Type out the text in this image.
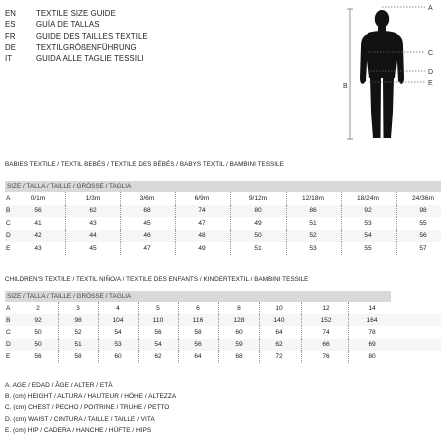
EN	TEXTILE SIZE GUIDE
ES	GUÍA DE TALLAS
FR	GUIDE DES TAILLES TEXTILE
DE	TEXTILGRÖßENFÜHRUNG
IT	GUIDA ALLE TAGLIE TESSILI
A
B
C
D
E
BABIES TEXTILE / TEXTIL BEBÉS / TEXTILE DES BÉBÉS / BABYS TEXTIL / BAMBINI TESSILE
SIZE / TALLA / TAILLE / GRÖSSE / TAGLIA
A	0/1m	1/3m	3/6m	6/9m	9/12m	12/18m	18/24m	24/36m
B	56	62	68	74	80	86	92	98
C	41	43	45	47	49	51	53	55
D	42	44	46	48	50	52	54	56
E	43	45	47	49	51	53	55	57
CHILDREN'S TEXTILE / TEXTIL NIÑO/A / TEXTILE DES ENFANTS / KINDERTEXTIL / BAMBINI TESSILE
SIZE / TALLA / TAILLE / GRÖSSE / TAGLIA
A	2	3	4	5	6	8	10	12	14
B	92	98	104	110	116	128	140	152	164
C	50	52	54	56	58	60	64	74	78
D	50	51	53	54	56	59	62	66	69
E	56	58	60	62	64	68	72	76	80
A. AGE / EDAD / ÂGE / ALTER / ETÀ
B. (cm) HEIGHT / ALTURA / HAUTEUR / HÖHE / ALTEZZA
C. (cm) CHEST / PECHO / POITRINE / TRUHE / PETTO
D. (cm) WAIST / CINTURA / TAILLE / TAILLE / VITA
E. (cm) HIP / CADERA / HANCHE / HÜFTE / HIPS
